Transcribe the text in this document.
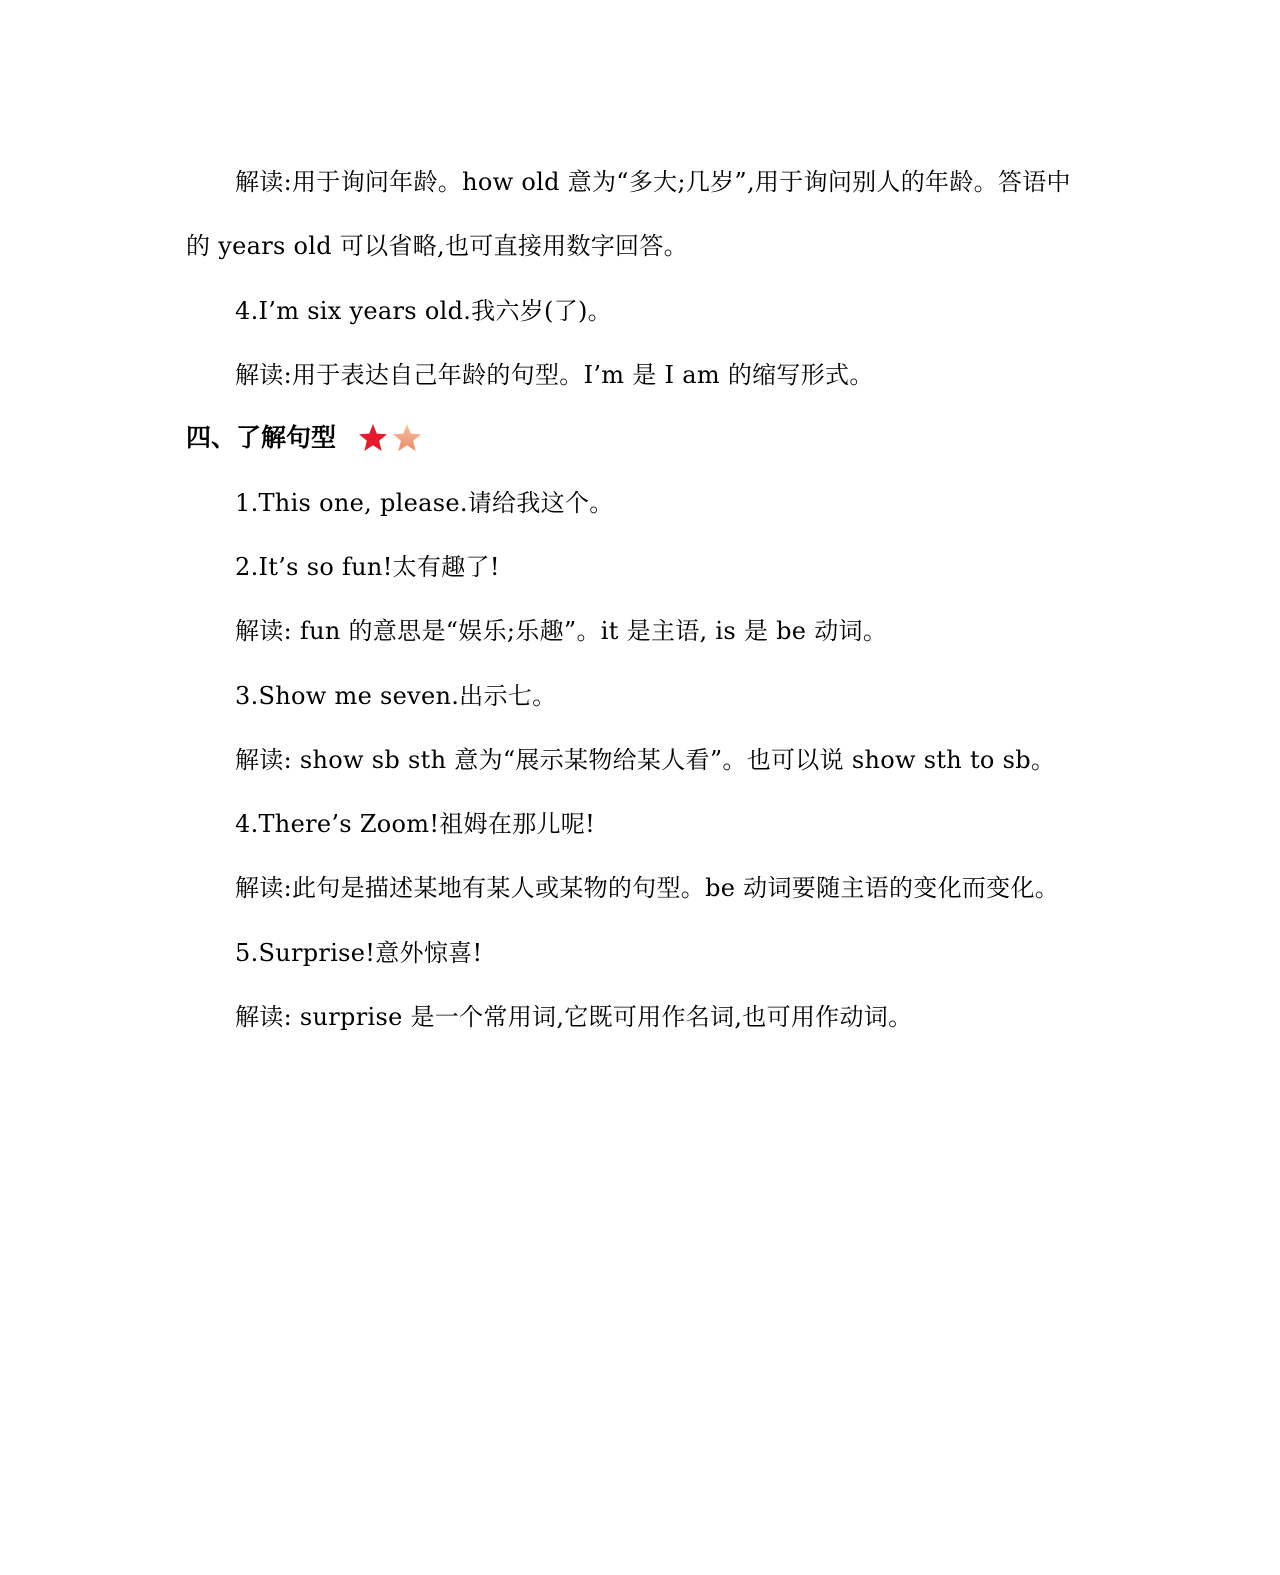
解读:用于询问年龄。how old 意为“多大;几岁”,用于询问别人的年龄。答语中
的 years old 可以省略,也可直接用数字回答。
4.I’m six years old.我六岁(了)。
解读:用于表达自己年龄的句型。I’m 是 I am 的缩写形式。
四、了解句型
1.This one, please.请给我这个。
2.It’s so fun!太有趣了!
解读: fun 的意思是“娱乐;乐趣”。it 是主语, is 是 be 动词。
3.Show me seven.出示七。
解读: show sb sth 意为“展示某物给某人看”。也可以说 show sth to sb。
4.There’s Zoom!祖姆在那儿呢!
解读:此句是描述某地有某人或某物的句型。be 动词要随主语的变化而变化。
5.Surprise!意外惊喜!
解读: surprise 是一个常用词,它既可用作名词,也可用作动词。
